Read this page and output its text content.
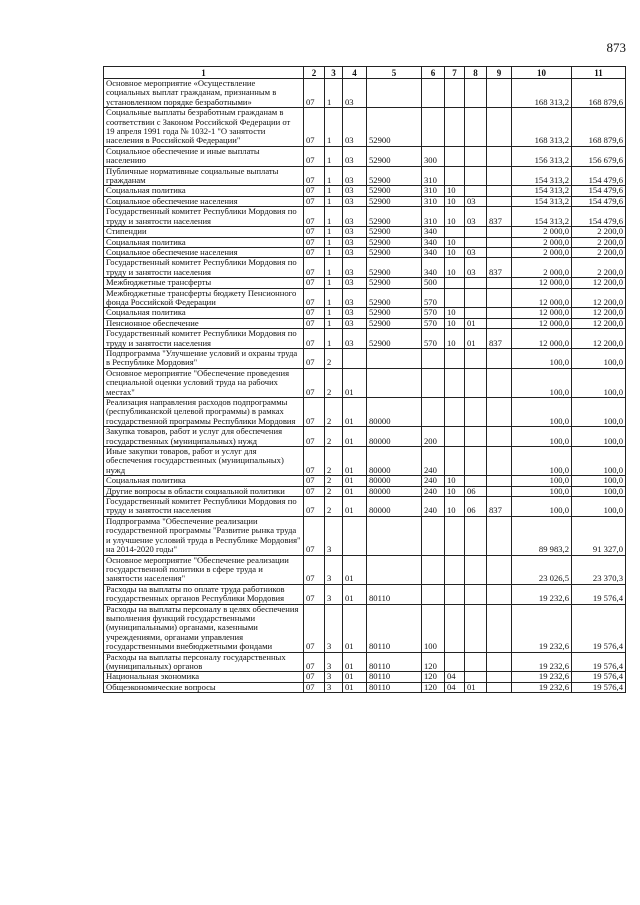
873
1	2	3	4	5	6	7	8	9	10	11
Основное мероприятие «Осуществление социальных выплат гражданам, признанным в установленном порядке безработными»	07	1	03						168 313,2	168 879,6
Социальные выплаты безработным гражданам в соответствии с Законом Российской Федерации от 19 апреля 1991 года № 1032-1 "О занятости населения в Российской Федерации"	07	1	03	52900					168 313,2	168 879,6
Социальное обеспечение и иные выплаты населению	07	1	03	52900	300				156 313,2	156 679,6
Публичные нормативные социальные выплаты гражданам	07	1	03	52900	310				154 313,2	154 479,6
Социальная политика	07	1	03	52900	310	10			154 313,2	154 479,6
Социальное обеспечение населения	07	1	03	52900	310	10	03		154 313,2	154 479,6
Государственный комитет Республики Мордовия по труду и занятости населения	07	1	03	52900	310	10	03	837	154 313,2	154 479,6
Стипендии	07	1	03	52900	340				2 000,0	2 200,0
Социальная политика	07	1	03	52900	340	10			2 000,0	2 200,0
Социальное обеспечение населения	07	1	03	52900	340	10	03		2 000,0	2 200,0
Государственный комитет Республики Мордовия по труду и занятости населения	07	1	03	52900	340	10	03	837	2 000,0	2 200,0
Межбюджетные трансферты	07	1	03	52900	500				12 000,0	12 200,0
Межбюджетные трансферты бюджету Пенсионного фонда Российской Федерации	07	1	03	52900	570				12 000,0	12 200,0
Социальная политика	07	1	03	52900	570	10			12 000,0	12 200,0
Пенсионное обеспечение	07	1	03	52900	570	10	01		12 000,0	12 200,0
Государственный комитет Республики Мордовия по труду и занятости населения	07	1	03	52900	570	10	01	837	12 000,0	12 200,0
Подпрограмма "Улучшение условий и охраны труда в Республике Мордовия"	07	2							100,0	100,0
Основное мероприятие "Обеспечение проведения специальной оценки условий труда на рабочих местах"	07	2	01						100,0	100,0
Реализация направления расходов подпрограммы (республиканской целевой программы) в рамках государственной программы Республики Мордовия	07	2	01	80000					100,0	100,0
Закупка товаров, работ и услуг для обеспечения государственных (муниципальных) нужд	07	2	01	80000	200				100,0	100,0
Иные закупки товаров, работ и услуг для обеспечения государственных (муниципальных) нужд	07	2	01	80000	240				100,0	100,0
Социальная политика	07	2	01	80000	240	10			100,0	100,0
Другие вопросы в области социальной политики	07	2	01	80000	240	10	06		100,0	100,0
Государственный комитет Республики Мордовия по труду и занятости населения	07	2	01	80000	240	10	06	837	100,0	100,0
Подпрограмма "Обеспечение реализации государственной программы "Развитие рынка труда и улучшение условий труда в Республике Мордовия" на 2014-2020 годы"	07	3							89 983,2	91 327,0
Основное мероприятие "Обеспечение реализации государственной политики в сфере труда и занятости населения"	07	3	01						23 026,5	23 370,3
Расходы на выплаты по оплате труда работников государственных органов Республики Мордовия	07	3	01	80110					19 232,6	19 576,4
Расходы на выплаты персоналу в целях обеспечения выполнения функций государственными (муниципальными) органами, казенными учреждениями, органами управления государственными внебюджетными фондами	07	3	01	80110	100				19 232,6	19 576,4
Расходы на выплаты персоналу государственных (муниципальных) органов	07	3	01	80110	120				19 232,6	19 576,4
Национальная экономика	07	3	01	80110	120	04			19 232,6	19 576,4
Общеэкономические вопросы	07	3	01	80110	120	04	01		19 232,6	19 576,4
